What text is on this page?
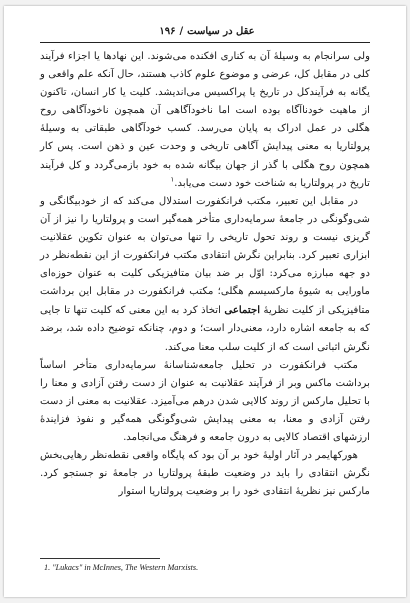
عقل در سیاست
/
۱۹۶

ولی سرانجام به وسیلهٔ آن به کناری افکنده می‌شوند. این نهادها یا اجزاء فرآیند کلی در مقابل کل، عرضی و موضوع علوم کاذب هستند، حال آنکه علم واقعی و یگانه به فرآیندکل در تاریخ یا پراکسیس می‌اندیشد. کلیت یا کار انسان، تاکنون از ماهیت خودناآگاه بوده است اما ناخودآگاهی آن همچون ناخودآگاهی روح هگلی در عمل ادراک به پایان می‌رسد. کسب خودآگاهی طبقاتی به وسیلهٔ پرولتاریا به معنی پیدایش آگاهی تاریخی و وحدت عین و ذهن است. پس کار همچون روح هگلی با گذر از جهان بیگانه شده به خود بازمی‌گردد و کل فرآیند تاریخ در پرولتاریا به شناخت خود دست می‌یابد.$^۱$

در مقابل این تعبیر، مکتب فرانکفورت استدلال می‌کند که از خودبیگانگی و شی‌وگونگی در جامعهٔ سرمایه‌داری متأخر همه‌گیر است و پرولتاریا را نیز از آن گریزی نیست و روند تحول تاریخی را تنها می‌توان به عنوان تکوین عقلانیت ابزاری تعبیر کرد. بنابراین نگرش انتقادی مکتب فرانکفورت از این نقطه‌نظر در دو جهه مبارزه می‌کرد: اوّل بر ضد بیان متافیزیکی کلیت به عنوان حوزه‌ای ماورایی به شیوهٔ مارکسیسم هگلی؛ مکتب فرانکفورت در مقابل این برداشت متافیزیکی از کلیت نظریهٔ اجتماعی اتخاذ کرد به این معنی که کلیت تنها تا جایی که به جامعه اشاره دارد، معنی‌دار است؛ و دوم، چنانکه توضیح داده شد، برضد نگرش اثباتی است که از کلیت سلب معنا می‌کند.

مکتب فرانکفورت در تحلیل جامعه‌شناسانهٔ سرمایه‌داری متأخر اساساً برداشت ماکس وبر از فرآیند عقلانیت به عنوان از دست رفتن آزادی و معنا را با تحلیل مارکس از روند کالایی شدن درهم می‌آمیزد. عقلانیت به معنی از دست رفتن آزادی و معنا، به معنی پیدایش شی‌وگونگی همه‌گیر و نفوذ فزایندهٔ ارزشهای اقتصاد کالایی به درون جامعه و فرهنگ می‌انجامد.

هورکهایمر در آثار اولیهٔ خود بر آن بود که پایگاه واقعی نقطه‌نظر رهایی‌بخش نگرش انتقادی را باید در وضعیت طبقهٔ پرولتاریا در جامعهٔ نو جستجو کرد. مارکس نیز نظریهٔ انتقادی خود را بر وضعیت پرولتاریا استوار

1. "Lukacs" in McInnes, The Western Marxists.
